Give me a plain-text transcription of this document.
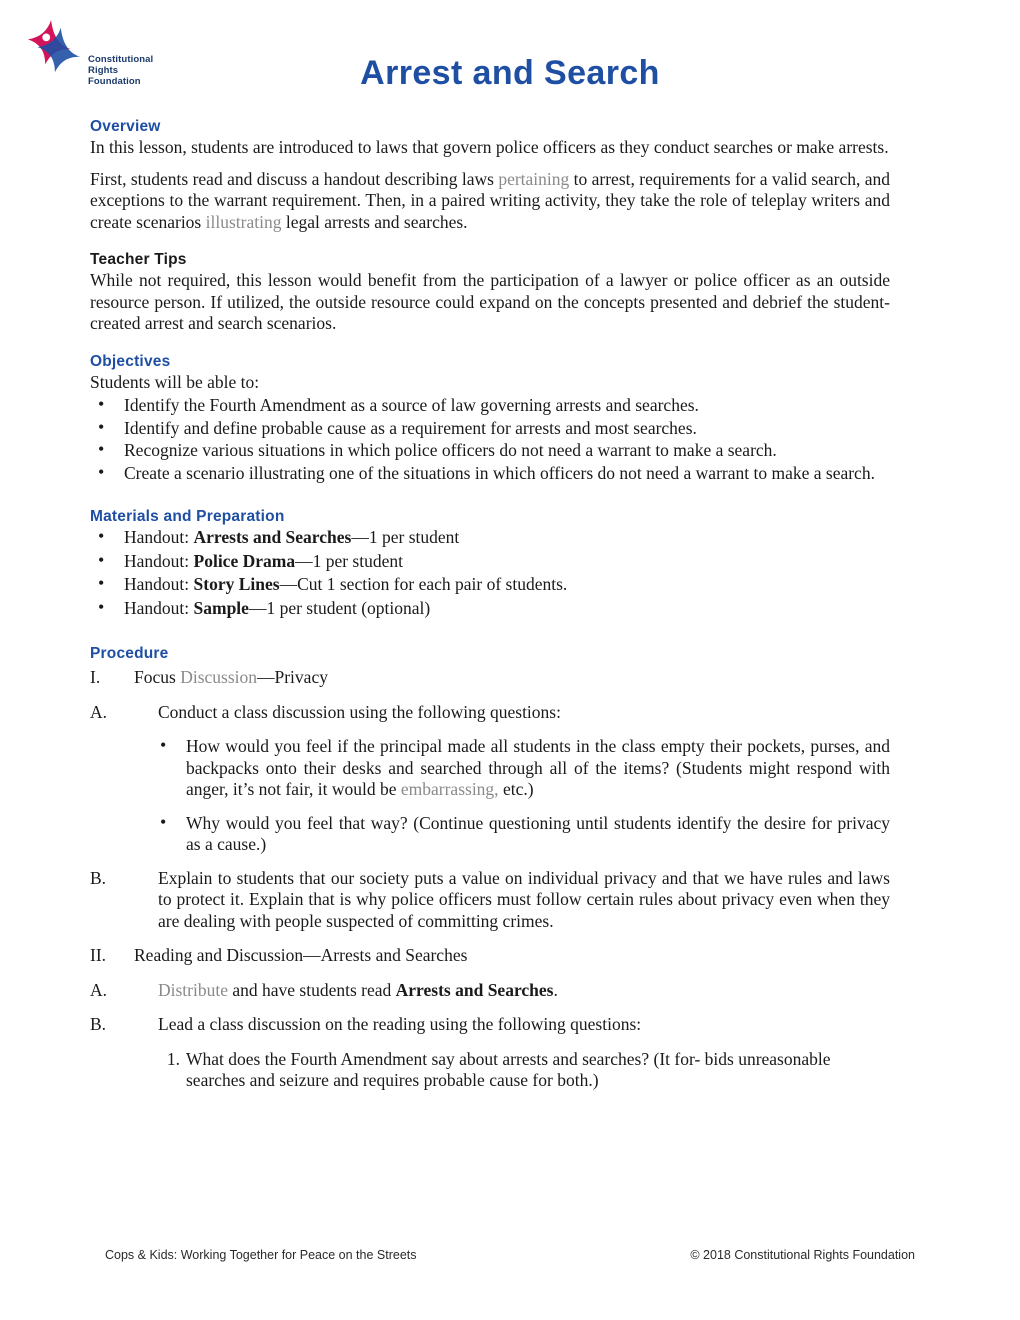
Constitutional
Rights
Foundation	Arrest and Search
Overview

In this lesson, students are introduced to laws that govern police officers as they conduct searches or make arrests.

First, students read and discuss a handout describing laws pertaining to arrest, requirements for a valid search, and exceptions to the warrant requirement. Then, in a paired writing activity, they take the role of teleplay writers and create scenarios illustrating legal arrests and searches.

Teacher Tips

While not required, this lesson would benefit from the participation of a lawyer or police officer as an outside resource person. If utilized, the outside resource could expand on the concepts presented and debrief the student-created arrest and search scenarios.

Objectives

Students will be able to:

• Identify the Fourth Amendment as a source of law governing arrests and searches.
• Identify and define probable cause as a requirement for arrests and most searches.
• Recognize various situations in which police officers do not need a warrant to make a search.
• Create a scenario illustrating one of the situations in which officers do not need a warrant to make a search.
Materials and Preparation
• Handout: Arrests and Searches—1 per student
• Handout: Police Drama—1 per student
• Handout: Story Lines—Cut 1 section for each pair of students.
• Handout: Sample—1 per student (optional)
Procedure
I.	Focus Discussion—Privacy
A.	Conduct a class discussion using the following questions:
• How would you feel if the principal made all students in the class empty their pockets, purses, and backpacks onto their desks and searched through all of the items? (Students might respond with anger, it’s not fair, it would be embarrassing, etc.)
• Why would you feel that way? (Continue questioning until students identify the desire for privacy as a cause.)
B.	Explain to students that our society puts a value on individual privacy and that we have rules and laws to protect it. Explain that is why police officers must follow certain rules about privacy even when they are dealing with people suspected of committing crimes.
II.	Reading and Discussion—Arrests and Searches
A.	Distribute and have students read Arrests and Searches.
B.	Lead a class discussion on the reading using the following questions:
1. What does the Fourth Amendment say about arrests and searches? (It for- bids unreasonable searches and seizure and requires probable cause for both.)
Cops & Kids: Working Together for Peace on the Streets	© 2018 Constitutional Rights Foundation
